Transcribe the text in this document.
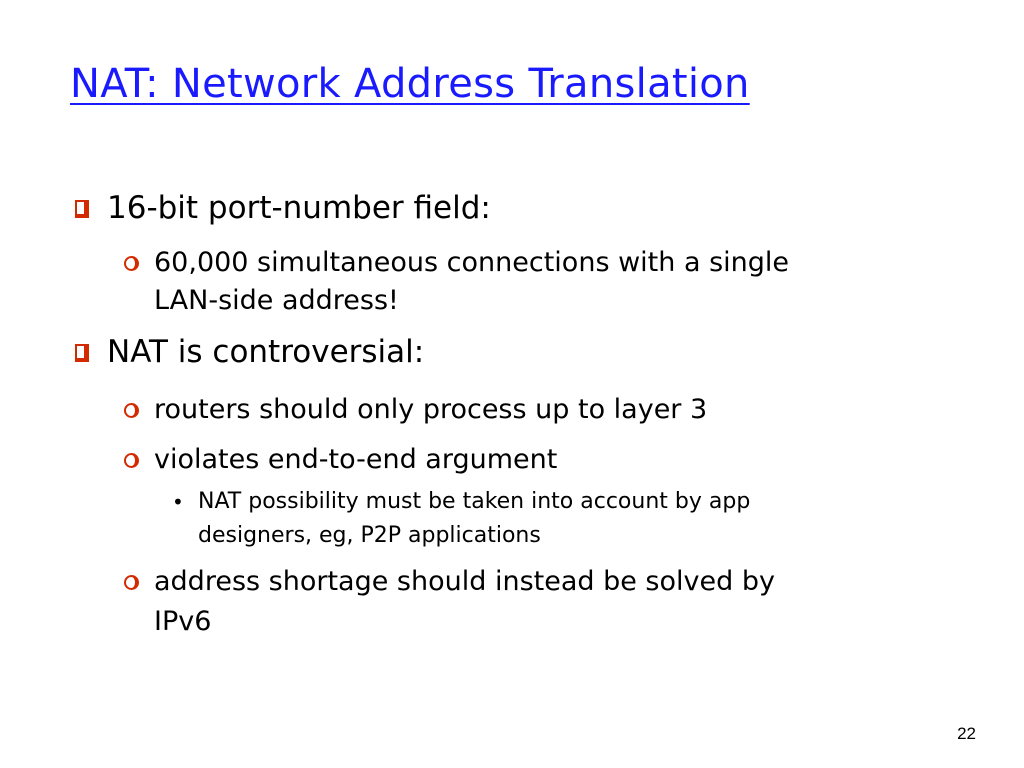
NAT: Network Address Translation
16-bit port-number field:
60,000 simultaneous connections with a single
LAN-side address!
NAT is controversial:
routers should only process up to layer 3
violates end-to-end argument
• NAT possibility must be taken into account by app
designers, eg, P2P applications
address shortage should instead be solved by
IPv6
22
